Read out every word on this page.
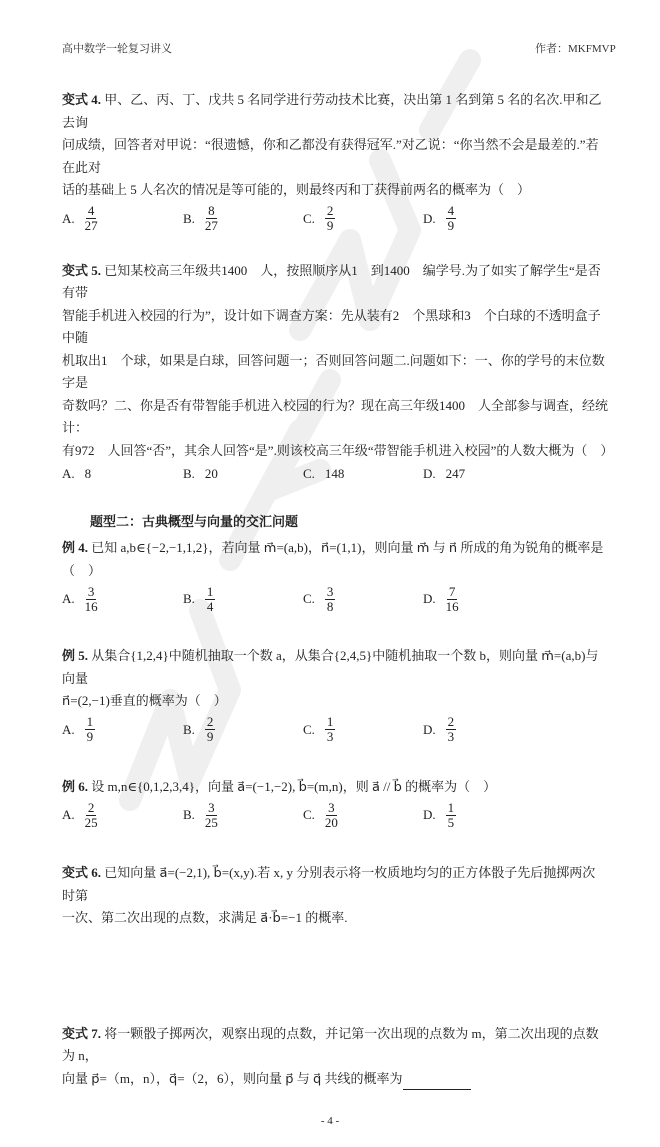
高中数学一轮复习讲义	作者：MKFMVP
变式 4. 甲、乙、丙、丁、戊共 5 名同学进行劳动技术比赛，决出第 1 名到第 5 名的名次.甲和乙去询
问成绩，回答者对甲说：“很遗憾，你和乙都没有获得冠军.”对乙说：“你当然不会是最差的.”若在此对
话的基础上 5 人名次的情况是等可能的，则最终丙和丁获得前两名的概率为（　）
A. $\frac{4}{27}$	B. $\frac{8}{27}$	C. $\frac{2}{9}$	D. $\frac{4}{9}$
变式 5. 已知某校高三年级共1400　人，按照顺序从1　到1400　编学号.为了如实了解学生“是否有带
智能手机进入校园的行为”，设计如下调查方案：先从装有2　个黑球和3　个白球的不透明盒子中随
机取出1　个球，如果是白球，回答问题一；否则回答问题二.问题如下：一、你的学号的末位数字是
奇数吗？二、你是否有带智能手机进入校园的行为？现在高三年级1400　人全部参与调查，经统计：
有972　人回答“否”，其余人回答“是”.则该校高三年级“带智能手机进入校园”的人数大概为（　）
A. 8	B. 20	C. 148	D. 247
题型二：古典概型与向量的交汇问题
例 4. 已知 a,b∈{−2,−1,1,2}，若向量 m⃗=(a,b)，n⃗=(1,1)，则向量 m⃗ 与 n⃗ 所成的角为锐角的概率是（　）
A. $\frac{3}{16}$	B. $\frac{1}{4}$	C. $\frac{3}{8}$	D. $\frac{7}{16}$
例 5. 从集合{1,2,4}中随机抽取一个数 a，从集合{2,4,5}中随机抽取一个数 b，则向量 m⃗=(a,b)与向量
n⃗=(2,−1)垂直的概率为（　）
A. $\frac{1}{9}$	B. $\frac{2}{9}$	C. $\frac{1}{3}$	D. $\frac{2}{3}$
例 6. 设 m,n∈{0,1,2,3,4}，向量 a⃗=(−1,−2), b⃗=(m,n)，则 a⃗ // b⃗ 的概率为（　）
A. $\frac{2}{25}$	B. $\frac{3}{25}$	C. $\frac{3}{20}$	D. $\frac{1}{5}$
变式 6. 已知向量 a⃗=(−2,1), b⃗=(x,y).若 x, y 分别表示将一枚质地均匀的正方体骰子先后抛掷两次时第
一次、第二次出现的点数，求满足 a⃗·b⃗=−1 的概率.
变式 7. 将一颗骰子掷两次，观察出现的点数，并记第一次出现的点数为 m，第二次出现的点数为 n，
向量 p⃗=（m，n），q⃗=（2，6），则向量 p⃗ 与 q⃗ 共线的概率为
- 4 -
